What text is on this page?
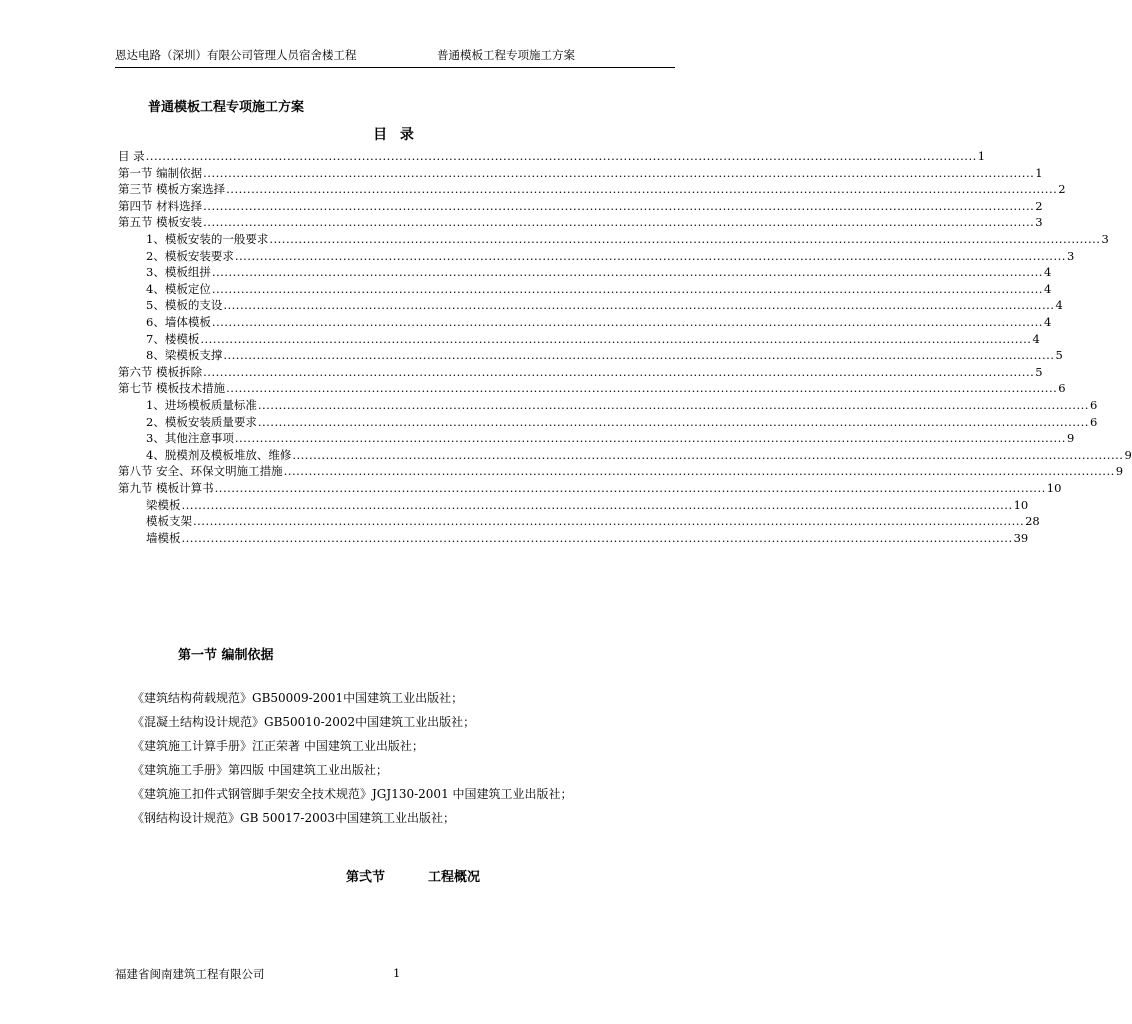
恩达电路（深圳）有限公司管理人员宿舍楼工程	普通模板工程专项施工方案
普通模板工程专项施工方案
目 录
目 录 ........................................................................................................................................................................................................ 1
第一节 编制依据 ........................................................................................................................................................................................................ 1
第三节 模板方案选择 ........................................................................................................................................................................................................ 2
第四节 材料选择 ........................................................................................................................................................................................................ 2
第五节 模板安装 ........................................................................................................................................................................................................ 3
1、模板安装的一般要求 ........................................................................................................................................................................................................ 3
2、模板安装要求 ........................................................................................................................................................................................................ 3
3、模板组拼 ........................................................................................................................................................................................................ 4
4、模板定位 ........................................................................................................................................................................................................ 4
5、模板的支设 ........................................................................................................................................................................................................ 4
6、墙体模板 ........................................................................................................................................................................................................ 4
7、楼模板 ........................................................................................................................................................................................................ 4
8、梁模板支撑 ........................................................................................................................................................................................................ 5
第六节 模板拆除 ........................................................................................................................................................................................................ 5
第七节 模板技术措施 ........................................................................................................................................................................................................ 6
1、进场模板质量标准 ........................................................................................................................................................................................................ 6
2、模板安装质量要求 ........................................................................................................................................................................................................ 6
3、其他注意事项 ........................................................................................................................................................................................................ 9
4、脱模剂及模板堆放、维修 ........................................................................................................................................................................................................ 9
第八节 安全、环保文明施工措施 ........................................................................................................................................................................................................ 9
第九节 模板计算书 ........................................................................................................................................................................................................ 10
梁模板 ........................................................................................................................................................................................................ 10
模板支架 ........................................................................................................................................................................................................ 28
墙模板 ........................................................................................................................................................................................................ 39
第一节 编制依据
《建筑结构荷载规范》GB50009-2001中国建筑工业出版社；
《混凝土结构设计规范》GB50010-2002中国建筑工业出版社；
《建筑施工计算手册》江正荣著 中国建筑工业出版社；
《建筑施工手册》第四版 中国建筑工业出版社；
《建筑施工扣件式钢管脚手架安全技术规范》JGJ130-2001 中国建筑工业出版社；
《钢结构设计规范》GB 50017-2003中国建筑工业出版社；
第弍节	工程概况
福建省闽南建筑工程有限公司	1
